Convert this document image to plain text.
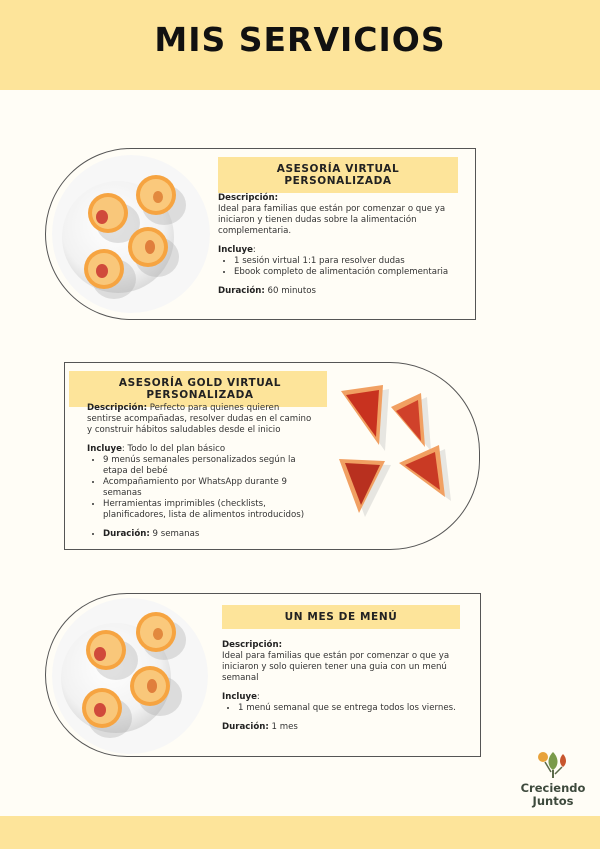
MIS SERVICIOS
ASESORÍA VIRTUAL PERSONALIZADA
Descripción:
Ideal para familias que están por comenzar o que ya iniciaron y tienen dudas sobre la alimentación complementaria.
Incluye:
• 1 sesión virtual 1:1 para resolver dudas
• Ebook completo de alimentación complementaria
Duración: 60 minutos
ASESORÍA GOLD VIRTUAL PERSONALIZADA
Descripción: Perfecto para quienes quieren sentirse acompañadas, resolver dudas en el camino y construir hábitos saludables desde el inicio
Incluye: Todo lo del plan básico
• 9 menús semanales personalizados según la etapa del bebé
• Acompañamiento por WhatsApp durante 9 semanas
• Herramientas imprimibles (checklists, planificadores, lista de alimentos introducidos)
• Duración: 9 semanas
UN MES DE MENÚ
Descripción:
Ideal para familias que están por comenzar o que ya iniciaron y solo quieren tener una guia con un menú semanal
Incluye:
• 1 menú semanal que se entrega todos los viernes.
Duración: 1 mes
Creciendo
Juntos
